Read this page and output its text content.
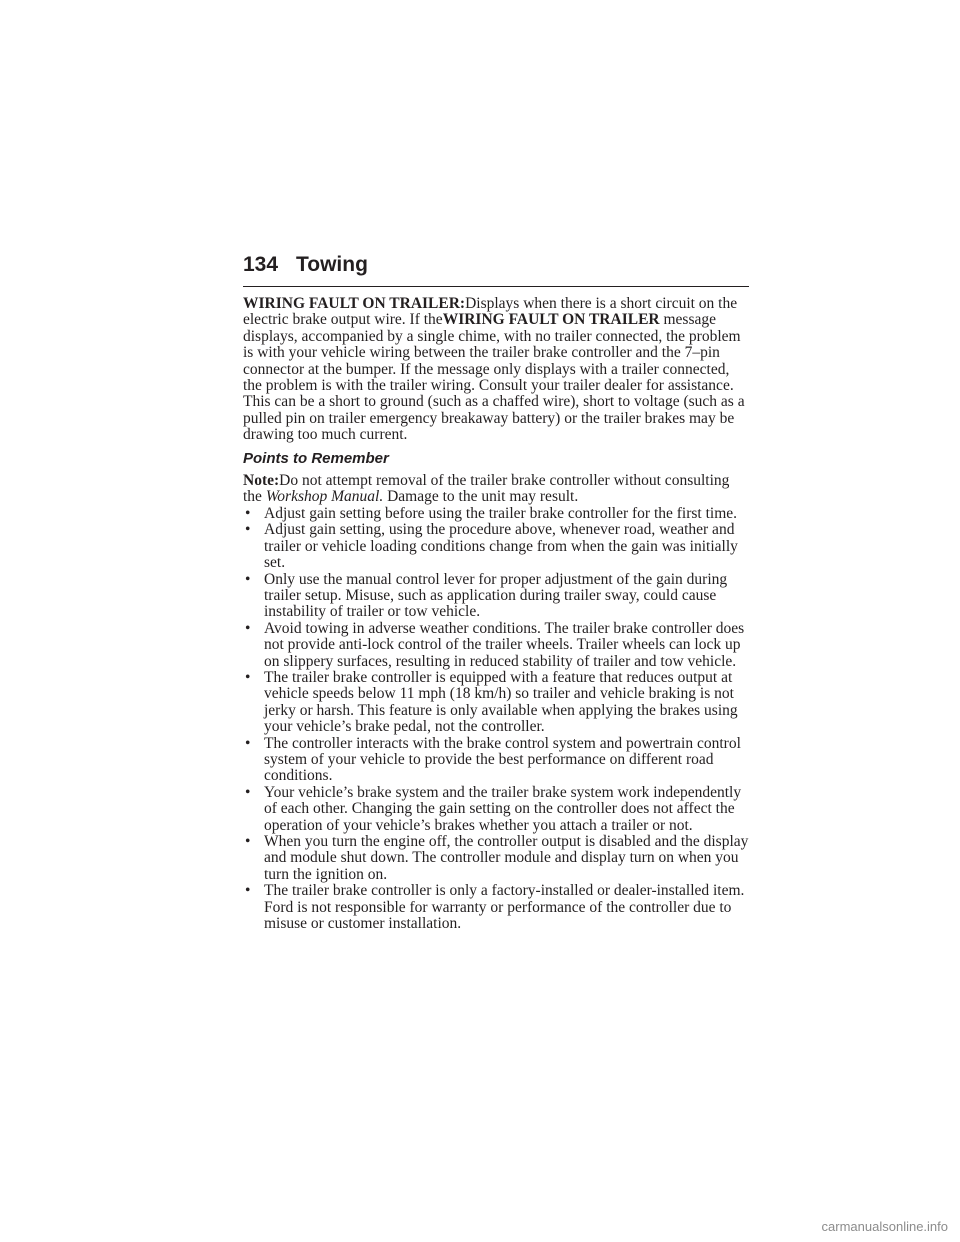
134 Towing

WIRING FAULT ON TRAILER:Displays when there is a short circuit on the electric brake output wire. If theWIRING FAULT ON TRAILER message displays, accompanied by a single chime, with no trailer connected, the problem is with your vehicle wiring between the trailer brake controller and the 7–pin connector at the bumper. If the message only displays with a trailer connected, the problem is with the trailer wiring. Consult your trailer dealer for assistance. This can be a short to ground (such as a chaffed wire), short to voltage (such as a pulled pin on trailer emergency breakaway battery) or the trailer brakes may be drawing too much current.

Points to Remember

Note:Do not attempt removal of the trailer brake controller without consulting the Workshop Manual. Damage to the unit may result.

• Adjust gain setting before using the trailer brake controller for the first time.
• Adjust gain setting, using the procedure above, whenever road, weather and trailer or vehicle loading conditions change from when the gain was initially set.
• Only use the manual control lever for proper adjustment of the gain during trailer setup. Misuse, such as application during trailer sway, could cause instability of trailer or tow vehicle.
• Avoid towing in adverse weather conditions. The trailer brake controller does not provide anti-lock control of the trailer wheels. Trailer wheels can lock up on slippery surfaces, resulting in reduced stability of trailer and tow vehicle.
• The trailer brake controller is equipped with a feature that reduces output at vehicle speeds below 11 mph (18 km/h) so trailer and vehicle braking is not jerky or harsh. This feature is only available when applying the brakes using your vehicle’s brake pedal, not the controller.
• The controller interacts with the brake control system and powertrain control system of your vehicle to provide the best performance on different road conditions.
• Your vehicle’s brake system and the trailer brake system work independently of each other. Changing the gain setting on the controller does not affect the operation of your vehicle’s brakes whether you attach a trailer or not.
• When you turn the engine off, the controller output is disabled and the display and module shut down. The controller module and display turn on when you turn the ignition on.
• The trailer brake controller is only a factory-installed or dealer-installed item. Ford is not responsible for warranty or performance of the controller due to misuse or customer installation.
carmanualsonline.info
